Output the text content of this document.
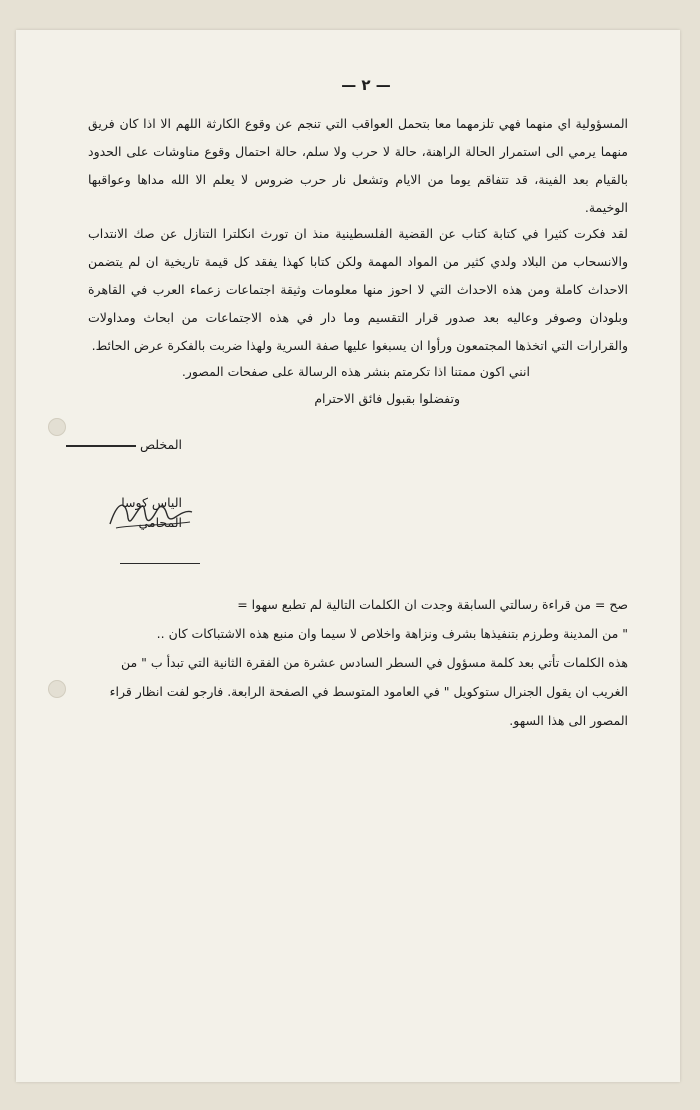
— ٢ —

المسؤولية اي منهما فهي تلزمهما معا بتحمل العواقب التي تنجم عن وقوع الكارثة اللهم الا اذا كان فريق منهما يرمي الى استمرار الحالة الراهنة، حالة لا حرب ولا سلم، حالة احتمال وقوع مناوشات على الحدود بالقيام بعد الفينة، قد تتفاقم يوما من الايام وتشعل نار حرب ضروس لا يعلم الا الله مداها وعواقبها الوخيمة.

لقد فكرت كثيرا في كتابة كتاب عن القضية الفلسطينية منذ ان تورث انكلترا التنازل عن صك الانتداب والانسحاب من البلاد ولدي كثير من المواد المهمة ولكن كتابا كهذا يفقد كل قيمة تاريخية ان لم يتضمن الاحداث كاملة ومن هذه الاحداث التي لا احوز منها معلومات وثيقة اجتماعات زعماء العرب في القاهرة وبلودان وصوفر وعاليه بعد صدور قرار التقسيم وما دار في هذه الاجتماعات من ابحاث ومداولات والقرارات التي اتخذها المجتمعون ورأوا ان يسبغوا عليها صفة السرية ولهذا ضربت بالفكرة عرض الحائط.

انني اكون ممتنا اذا تكرمتم بنشر هذه الرسالة على صفحات المصور.
وتفضلوا بقبول فائق الاحترام
المخلص
الياس كوسا
المحامي

صح = من قراءة رسالتي السابقة وجدت ان الكلمات التالية لم تطبع سهوا =

" من المدينة وطرزم بتنفيذها بشرف ونزاهة واخلاص لا سيما وان منبع هذه الاشتباكات كان ..

هذه الكلمات تأتي بعد كلمة مسؤول في السطر السادس عشرة من الفقرة الثانية التي تبدأ ب " من

الغريب ان يقول الجنرال ستوكويل " في العامود المتوسط في الصفحة الرابعة. فارجو لفت انظار قراء

المصور الى هذا السهو.
